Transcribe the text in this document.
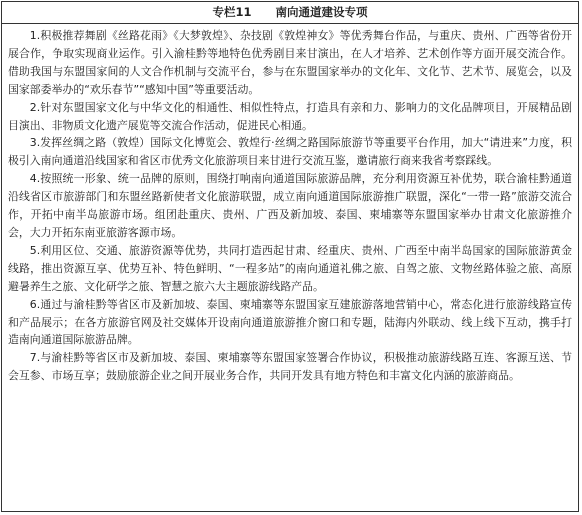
专栏11 南向通道建设专项

1.积极推荐舞剧《丝路花雨》《大梦敦煌》、杂技剧《敦煌神女》等优秀舞台作品，与重庆、贵州、广西等省份开展合作，争取实现商业运作。引入渝桂黔等地特色优秀剧目来甘演出，在人才培养、艺术创作等方面开展交流合作。借助我国与东盟国家间的人文合作机制与交流平台，参与在东盟国家举办的文化年、文化节、艺术节、展览会，以及国家部委举办的“欢乐春节”“感知中国”等重要活动。

2.针对东盟国家文化与中华文化的相通性、相似性特点，打造具有亲和力、影响力的文化品牌项目，开展精品剧目演出、非物质文化遗产展览等交流合作活动，促进民心相通。

3.发挥丝绸之路（敦煌）国际文化博览会、敦煌行·丝绸之路国际旅游节等重要平台作用，加大“请进来”力度，积极引入南向通道沿线国家和省区市优秀文化旅游项目来甘进行交流互鉴，邀请旅行商来我省考察踩线。

4.按照统一形象、统一品牌的原则，围绕打响南向通道国际旅游品牌，充分利用资源互补优势，联合渝桂黔通道沿线省区市旅游部门和东盟丝路新使者文化旅游联盟，成立南向通道国际旅游推广联盟，深化“一带一路”旅游交流合作，开拓中南半岛旅游市场。组团赴重庆、贵州、广西及新加坡、泰国、柬埔寨等东盟国家举办甘肃文化旅游推介会，大力开拓东南亚旅游客源市场。

5.利用区位、交通、旅游资源等优势，共同打造西起甘肃、经重庆、贵州、广西至中南半岛国家的国际旅游黄金线路，推出资源互享、优势互补、特色鲜明、“一程多站”的南向通道礼佛之旅、自驾之旅、文物丝路体验之旅、高原避暑养生之旅、文化研学之旅、智慧之旅六大主题旅游线路产品。

6.通过与渝桂黔等省区市及新加坡、泰国、柬埔寨等东盟国家互建旅游落地营销中心，常态化进行旅游线路宣传和产品展示；在各方旅游官网及社交媒体开设南向通道旅游推介窗口和专题，陆海内外联动、线上线下互动，携手打造南向通道国际旅游品牌。

7.与渝桂黔等省区市及新加坡、泰国、柬埔寨等东盟国家签署合作协议，积极推动旅游线路互连、客源互送、节会互参、市场互享；鼓励旅游企业之间开展业务合作，共同开发具有地方特色和丰富文化内涵的旅游商品。
